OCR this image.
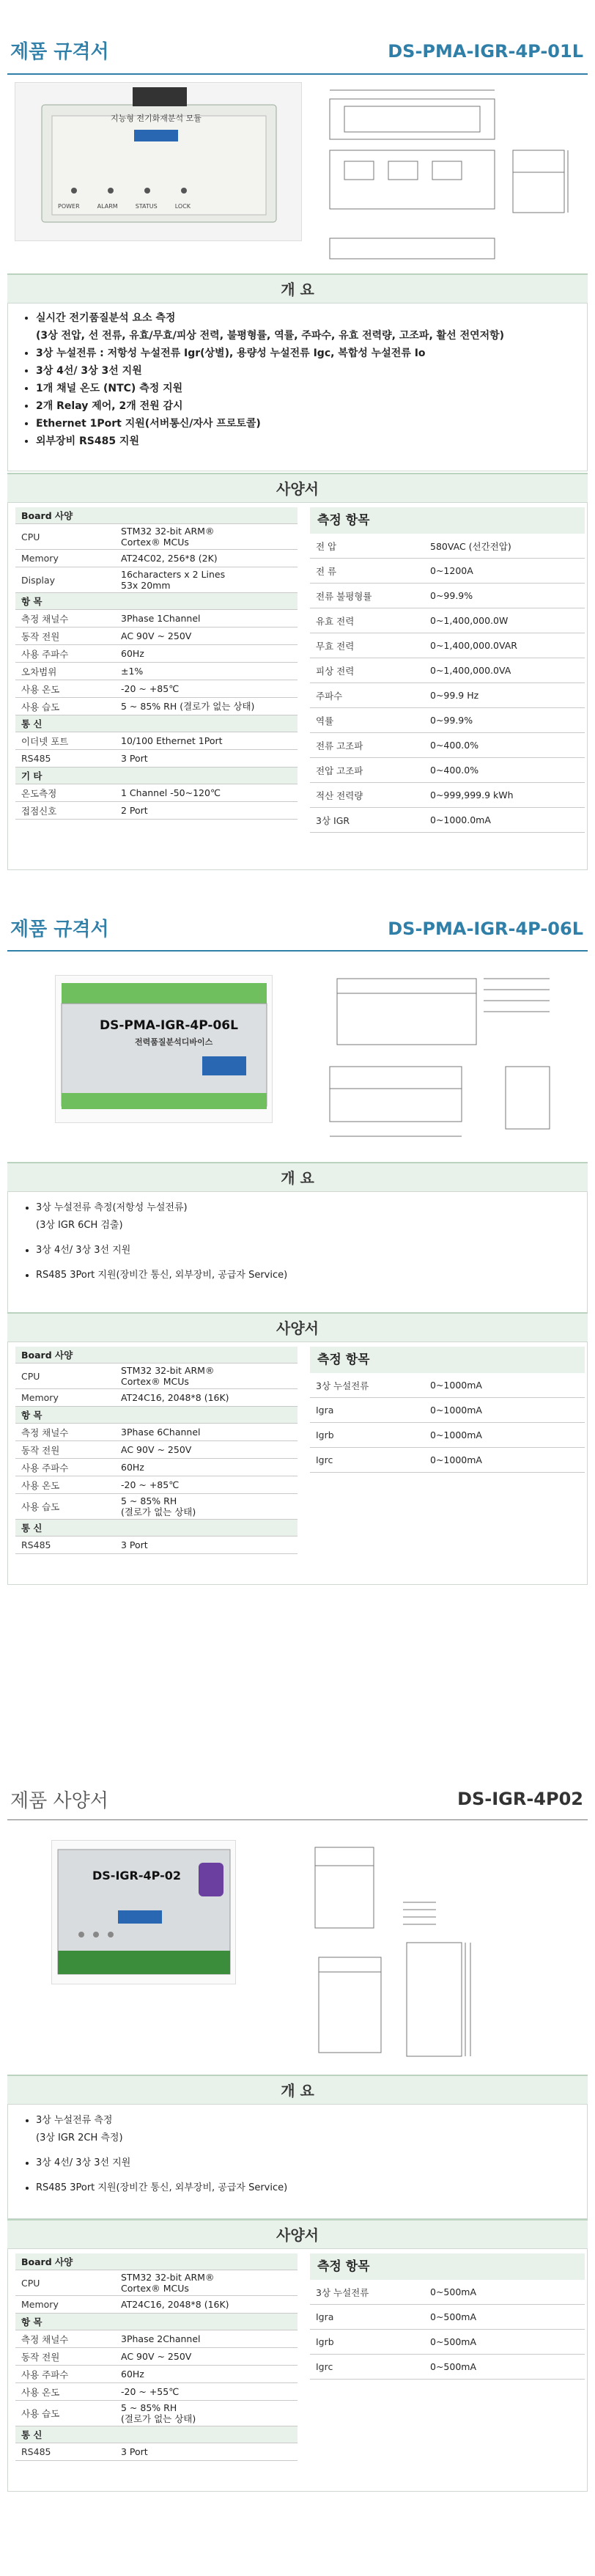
제품 규격서	DS-PMA-IGR-4P-01L
지능형 전기화재분석 모듈
POWER	ALARM	STATUS	LOCK
개 요
• 실시간 전기품질분석 요소 측정
(3상 전압, 선 전류, 유효/무효/피상 전력, 불평형률, 역률, 주파수, 유효 전력량, 고조파, 활선 전연저항)
• 3상 누설전류 : 저항성 누설전류 Igr(상별), 용량성 누설전류 Igc, 복합성 누설전류 Io
• 3상 4선/ 3상 3선 지원
• 1개 채널 온도 (NTC) 측정 지원
• 2개 Relay 제어, 2개 전원 감시
• Ethernet 1Port 지원(서버통신/자사 프로토콜)
• 외부장비 RS485 지원
사양서
Board 사양	
CPU	STM32 32-bit ARM®
Cortex® MCUs
Memory	AT24C02, 256*8 (2K)
Display	16characters x 2 Lines
53x 20mm
항 목	
측정 채널수	3Phase 1Channel
동작 전원	AC 90V ~ 250V
사용 주파수	60Hz
오차범위	±1%
사용 온도	-20 ~ +85℃
사용 습도	5 ~ 85% RH (결로가 없는 상태)
통 신	
이더넷 포트	10/100 Ethernet 1Port
RS485	3 Port
기 타	
온도측정	1 Channel -50~120℃
접점신호	2 Port
측정 항목
전 압	580VAC (선간전압)
전 류	0~1200A
전류 불평형률	0~99.9%
유효 전력	0~1,400,000.0W
무효 전력	0~1,400,000.0VAR
피상 전력	0~1,400,000.0VA
주파수	0~99.9 Hz
역률	0~99.9%
전류 고조파	0~400.0%
전압 고조파	0~400.0%
적산 전력량	0~999,999.9 kWh
3상 IGR	0~1000.0mA
제품 규격서	DS-PMA-IGR-4P-06L
DS-PMA-IGR-4P-06L
전력품질분석디바이스
개 요
• 3상 누설전류 측정(저항성 누설전류)
(3상 IGR 6CH 검출)
• 3상 4선/ 3상 3선 지원
• RS485 3Port 지원(장비간 통신, 외부장비, 공급자 Service)
사양서
Board 사양	
CPU	STM32 32-bit ARM®
Cortex® MCUs
Memory	AT24C16, 2048*8 (16K)
항 목	
측정 채널수	3Phase 6Channel
동작 전원	AC 90V ~ 250V
사용 주파수	60Hz
사용 온도	-20 ~ +85℃
사용 습도	5 ~ 85% RH
(결로가 없는 상태)
통 신	
RS485	3 Port
측정 항목
3상 누설전류	0~1000mA
Igra	0~1000mA
Igrb	0~1000mA
Igrc	0~1000mA
제품 사양서	DS-IGR-4P02
DS-IGR-4P-02
개 요
• 3상 누설전류 측정
(3상 IGR 2CH 측정)
• 3상 4선/ 3상 3선 지원
• RS485 3Port 지원(장비간 통신, 외부장비, 공급자 Service)
사양서
Board 사양	
CPU	STM32 32-bit ARM®
Cortex® MCUs
Memory	AT24C16, 2048*8 (16K)
항 목	
측정 채널수	3Phase 2Channel
동작 전원	AC 90V ~ 250V
사용 주파수	60Hz
사용 온도	-20 ~ +55℃
사용 습도	5 ~ 85% RH
(결로가 없는 상태)
통 신	
RS485	3 Port
측정 항목
3상 누설전류	0~500mA
Igra	0~500mA
Igrb	0~500mA
Igrc	0~500mA
